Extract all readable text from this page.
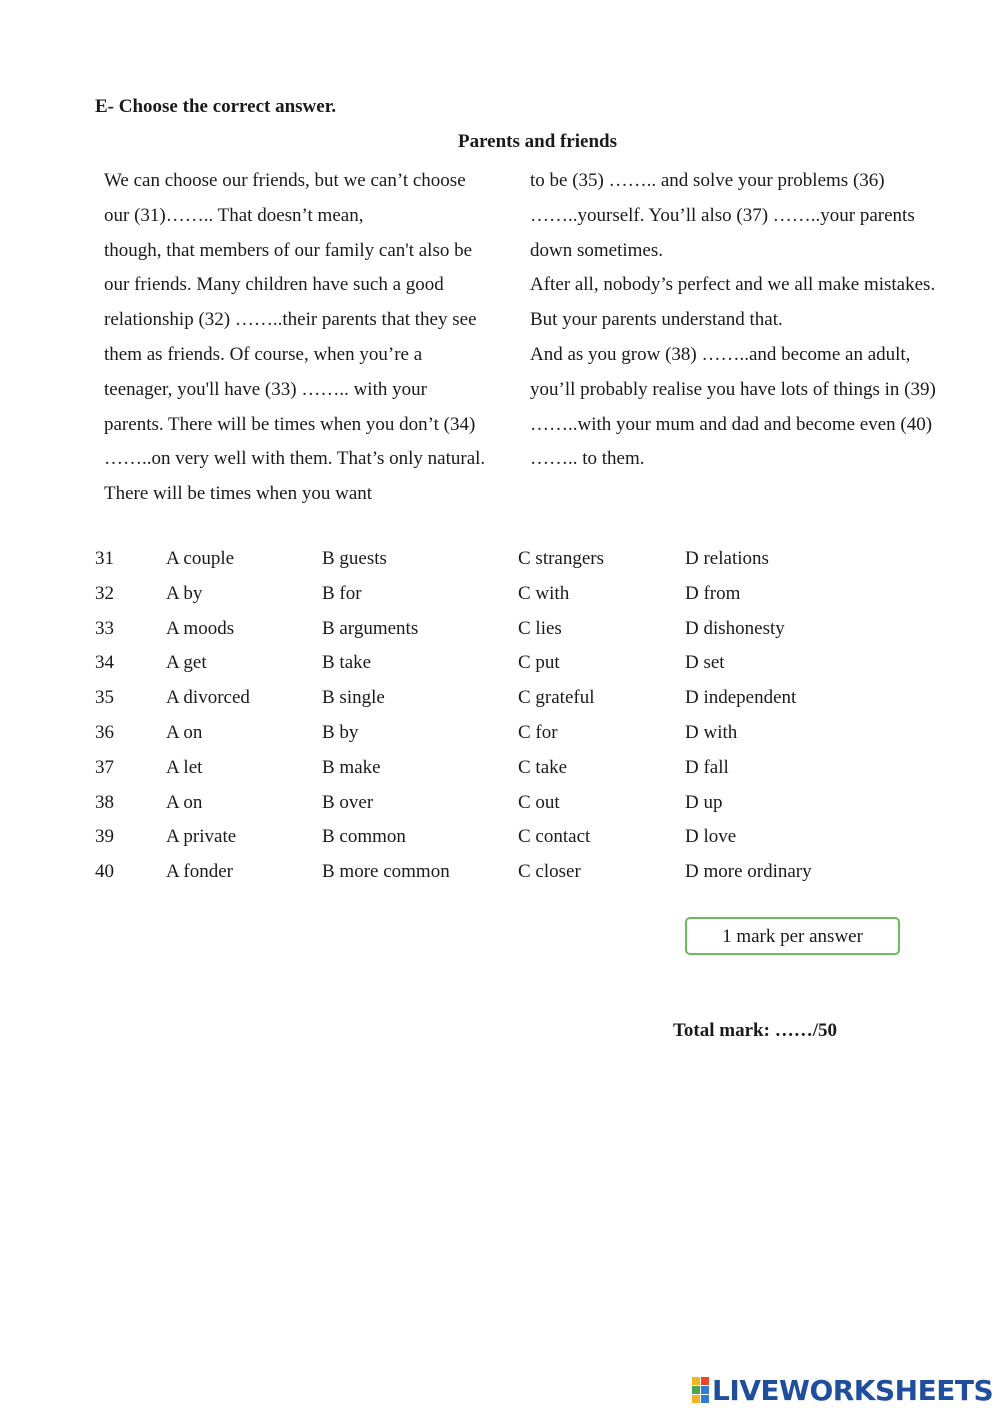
E- Choose the correct answer.
Parents and friends
We can choose our friends, but we can’t choose
our (31)…….. That doesn’t mean,
though, that members of our family can't also be
our friends. Many children have such a good
relationship (32) ……..their parents that they see
them as friends. Of course, when you’re a
teenager, you'll have (33) …….. with your
parents. There will be times when you don’t (34)
……..on very well with them. That’s only natural.
There will be times when you want
to be (35) …….. and solve your problems (36)
……..yourself. You’ll also (37) ……..your parents
down sometimes.
After all, nobody’s perfect and we all make mistakes.
But your parents understand that.
And as you grow (38) ……..and become an adult,
you’ll probably realise you have lots of things in (39)
……..with your mum and dad and become even (40)
…….. to them.
31	A couple	B guests	C strangers	D relations
32	A by	B for	C with	D from
33	A moods	B arguments	C lies	D dishonesty
34	A get	B take	C put	D set
35	A divorced	B single	C grateful	D independent
36	A on	B by	C for	D with
37	A let	B make	C take	D fall
38	A on	B over	C out	D up
39	A private	B common	C contact	D love
40	A fonder	B more common	C closer	D more ordinary
1 mark per answer
Total mark: ……/50
LIVEWORKSHEETS
